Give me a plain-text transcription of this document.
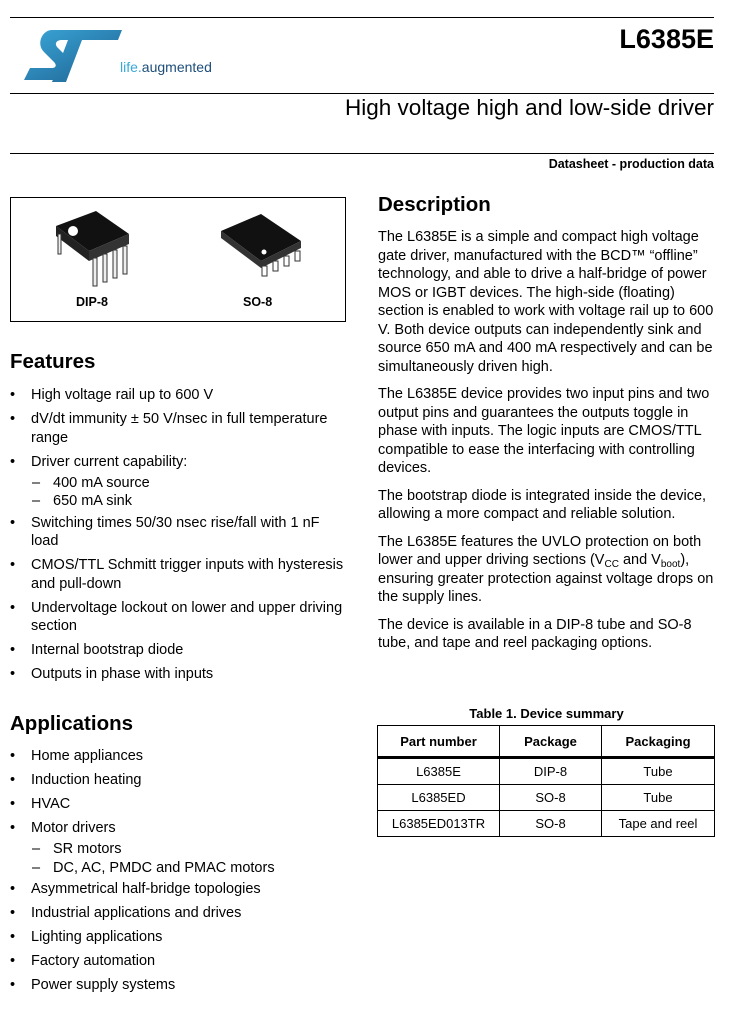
life.augmented
L6385E
High voltage high and low-side driver
Datasheet - production data
DIP-8	SO-8
Features
• High voltage rail up to 600 V
• dV/dt immunity ± 50 V/nsec in full temperature range
• Driver current capability:
– 400 mA source
– 650 mA sink
• Switching times 50/30 nsec rise/fall with 1 nF load
• CMOS/TTL Schmitt trigger inputs with hysteresis and pull-down
• Undervoltage lockout on lower and upper driving section
• Internal bootstrap diode
• Outputs in phase with inputs
Applications
• Home appliances
• Induction heating
• HVAC
• Motor drivers
– SR motors
– DC, AC, PMDC and PMAC motors
• Asymmetrical half-bridge topologies
• Industrial applications and drives
• Lighting applications
• Factory automation
• Power supply systems
Description

The L6385E is a simple and compact high voltage gate driver, manufactured with the BCD™ “offline” technology, and able to drive a half-bridge of power MOS or IGBT devices. The high-side (floating) section is enabled to work with voltage rail up to 600 V. Both device outputs can independently sink and source 650 mA and 400 mA respectively and can be simultaneously driven high.

The L6385E device provides two input pins and two output pins and guarantees the outputs toggle in phase with inputs. The logic inputs are CMOS/TTL compatible to ease the interfacing with controlling devices.

The bootstrap diode is integrated inside the device, allowing a more compact and reliable solution.

The L6385E features the UVLO protection on both lower and upper driving sections ($V_{CC}$ and $V_{boot}$), ensuring greater protection against voltage drops on the supply lines.

The device is available in a DIP-8 tube and SO-8 tube, and tape and reel packaging options.

Table 1. Device summary
Part number	Package	Packaging
L6385E	DIP-8	Tube
L6385ED	SO-8	Tube
L6385ED013TR	SO-8	Tape and reel
